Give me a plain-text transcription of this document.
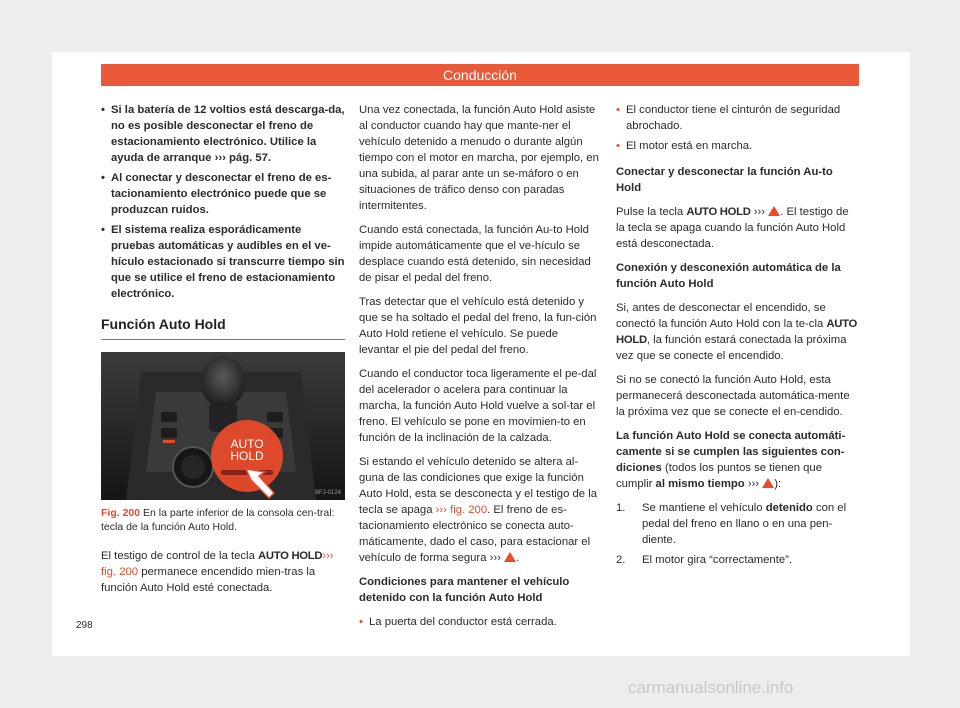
Conducción
• Si la batería de 12 voltios está descarga-da, no es posible desconectar el freno de estacionamiento electrónico. Utilice la ayuda de arranque ››› pág. 57.
• Al conectar y desconectar el freno de es-tacionamiento electrónico puede que se produzcan ruidos.
• El sistema realiza esporádicamente pruebas automáticas y audibles en el ve-hículo estacionado si transcurre tiempo sin que se utilice el freno de estacionamiento electrónico.
Función Auto Hold
AUTO
HOLD
BFJ-0124
Fig. 200 En la parte inferior de la consola cen-tral: tecla de la función Auto Hold.
El testigo de control de la tecla AUTO HOLD››› fig. 200 permanece encendido mien-tras la función Auto Hold esté conectada.

Una vez conectada, la función Auto Hold asiste al conductor cuando hay que mante-ner el vehículo detenido a menudo o durante algún tiempo con el motor en marcha, por ejemplo, en una subida, al parar ante un se-máforo o en situaciones de tráfico denso con paradas intermitentes.

Cuando está conectada, la función Au-to Hold impide automáticamente que el ve-hículo se desplace cuando está detenido, sin necesidad de pisar el pedal del freno.

Tras detectar que el vehículo está detenido y que se ha soltado el pedal del freno, la fun-ción Auto Hold retiene el vehículo. Se puede levantar el pie del pedal del freno.

Cuando el conductor toca ligeramente el pe-dal del acelerador o acelera para continuar la marcha, la función Auto Hold vuelve a sol-tar el freno. El vehículo se pone en movimien-to en función de la inclinación de la calzada.

Si estando el vehículo detenido se altera al-guna de las condiciones que exige la función Auto Hold, esta se desconecta y el testigo de la tecla se apaga ››› fig. 200. El freno de es-tacionamiento electrónico se conecta auto-máticamente, dado el caso, para estacionar el vehículo de forma segura ››› .

Condiciones para mantener el vehículo detenido con la función Auto Hold

• La puerta del conductor está cerrada.
• El conductor tiene el cinturón de seguridad abrochado.
• El motor está en marcha.

Conectar y desconectar la función Au-to Hold

Pulse la tecla AUTO HOLD ››› . El testigo de la tecla se apaga cuando la función Auto Hold está desconectada.

Conexión y desconexión automática de la función Auto Hold

Si, antes de desconectar el encendido, se conectó la función Auto Hold con la te-cla AUTO HOLD, la función estará conectada la próxima vez que se conecte el encendido.

Si no se conectó la función Auto Hold, esta permanecerá desconectada automática-mente la próxima vez que se conecte el en-cendido.

La función Auto Hold se conecta automáti-camente si se cumplen las siguientes con-diciones (todos los puntos se tienen que cumplir al mismo tiempo ››› ):

1.	Se mantiene el vehículo detenido con el pedal del freno en llano o en una pen-diente.
2.	El motor gira “correctamente”.
298
carmanualsonline.info
